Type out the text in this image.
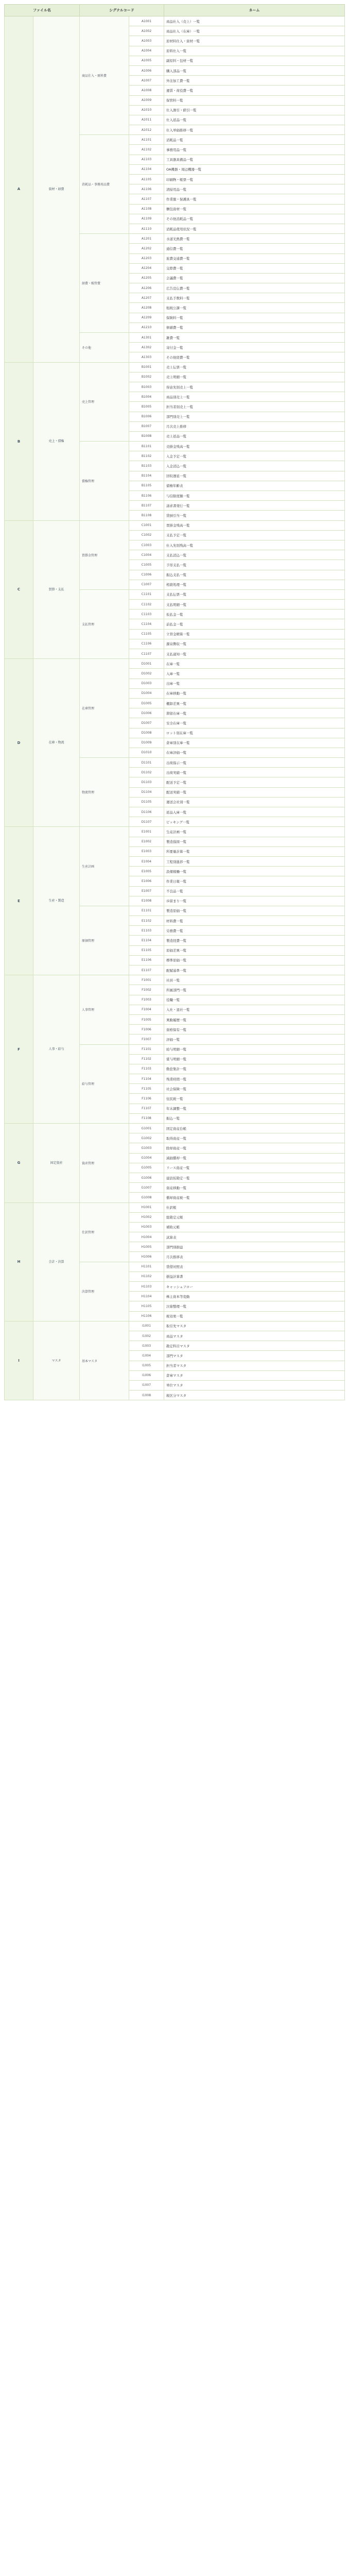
ファイル名		シグナルコード		ネーム
A	資材・経費	商品仕入・原料費	A1001	商品仕入（売上）一覧
			A1002	商品仕入（在庫）一覧
			A1003	原材料仕入・資材一覧
			A1004	原料仕入一覧
			A1005	副原料・包材一覧
			A1006	購入部品一覧
			A1007	外注加工費一覧
			A1008	運賃・荷役費一覧
			A1009	保管料一覧
			A1010	仕入割引・値引一覧
			A1011	仕入返品一覧
			A1012	仕入単価推移一覧
		消耗品・事務用品費	A1101	消耗品一覧
			A1102	事務用品一覧
			A1103	工具器具備品一覧
			A1104	OA機器・周辺機器一覧
			A1105	印刷物・帳票一覧
			A1106	清掃用品一覧
			A1107	作業服・保護具一覧
			A1108	梱包資材一覧
			A1109	その他消耗品一覧
			A1110	消耗品使用状況一覧
		経費・販管費	A1201	水道光熱費一覧
			A1202	通信費一覧
			A1203	旅費交通費一覧
			A1204	交際費一覧
			A1205	会議費一覧
			A1206	広告宣伝費一覧
			A1207	支払手数料一覧
			A1208	租税公課一覧
			A1209	保険料一覧
			A1210	修繕費一覧
		その他	A1301	雑費一覧
			A1302	寄付金一覧
			A1303	その他経費一覧
B	売上・債権	売上管理	B1001	売上伝票一覧
			B1002	売上明細一覧
			B1003	得意先別売上一覧
			B1004	商品別売上一覧
			B1005	担当者別売上一覧
			B1006	部門別売上一覧
			B1007	月次売上推移
			B1008	売上返品一覧
		債権管理	B1101	売掛金残高一覧
			B1102	入金予定一覧
			B1103	入金消込一覧
			B1104	回収遅延一覧
			B1105	債権年齢表
			B1106	与信限度額一覧
			B1107	請求書発行一覧
			B1108	貸倒引当一覧
C	買掛・支払	買掛金管理	C1001	買掛金残高一覧
			C1002	支払予定一覧
			C1003	仕入先別残高一覧
			C1004	支払消込一覧
			C1005	手形支払一覧
			C1006	振込支払一覧
			C1007	相殺処理一覧
		支払管理	C1101	支払伝票一覧
			C1102	支払明細一覧
			C1103	仮払金一覧
			C1104	前払金一覧
			C1105	立替金精算一覧
			C1106	源泉徴収一覧
			C1107	支払通知一覧
D	在庫・物流	在庫管理	D1001	在庫一覧
			D1002	入庫一覧
			D1003	出庫一覧
			D1004	在庫移動一覧
			D1005	棚卸差異一覧
			D1006	滞留在庫一覧
			D1007	安全在庫一覧
			D1008	ロット別在庫一覧
			D1009	倉庫別在庫一覧
			D1010	在庫評価一覧
		物流管理	D1101	出荷指示一覧
			D1102	出荷実績一覧
			D1103	配送予定一覧
			D1104	配送実績一覧
			D1105	運送会社別一覧
			D1106	返品入庫一覧
			D1107	ピッキング一覧
E	生産・製造	生産計画	E1001	生産計画一覧
			E1002	製造指図一覧
			E1003	所要量計算一覧
			E1004	工程別進捗一覧
			E1005	設備稼働一覧
			E1006	作業日報一覧
			E1007	不良品一覧
			E1008	歩留まり一覧
		原価管理	E1101	製造原価一覧
			E1102	材料費一覧
			E1103	労務費一覧
			E1104	製造経費一覧
			E1105	原価差異一覧
			E1106	標準原価一覧
			E1107	配賦基準一覧
F	人事・給与	人事管理	F1001	社員一覧
			F1002	所属部門一覧
			F1003	役職一覧
			F1004	入社・退社一覧
			F1005	異動履歴一覧
			F1006	資格保有一覧
			F1007	評価一覧
		給与管理	F1101	給与明細一覧
			F1102	賞与明細一覧
			F1103	勤怠集計一覧
			F1104	残業時間一覧
			F1105	社会保険一覧
			F1106	住民税一覧
			F1107	年末調整一覧
			F1108	振込一覧
G	固定資産	資産管理	G1001	固定資産台帳
			G1002	取得資産一覧
			G1003	除却資産一覧
			G1004	減価償却一覧
			G1005	リース資産一覧
			G1006	建設仮勘定一覧
			G1007	資産移動一覧
			G1008	償却資産税一覧
H	会計・決算	仕訳管理	H1001	仕訳帳
			H1002	総勘定元帳
			H1003	補助元帳
			H1004	試算表
			H1005	部門別損益
			H1006	月次推移表
		決算管理	H1101	貸借対照表
			H1102	損益計算書
			H1103	キャッシュフロー
			H1104	株主資本等変動
			H1105	決算整理一覧
			H1106	税効果一覧
I	マスタ	基本マスタ	I1001	取引先マスタ
			I1002	商品マスタ
			I1003	勘定科目マスタ
			I1004	部門マスタ
			I1005	担当者マスタ
			I1006	倉庫マスタ
			I1007	単位マスタ
			I1008	税区分マスタ
